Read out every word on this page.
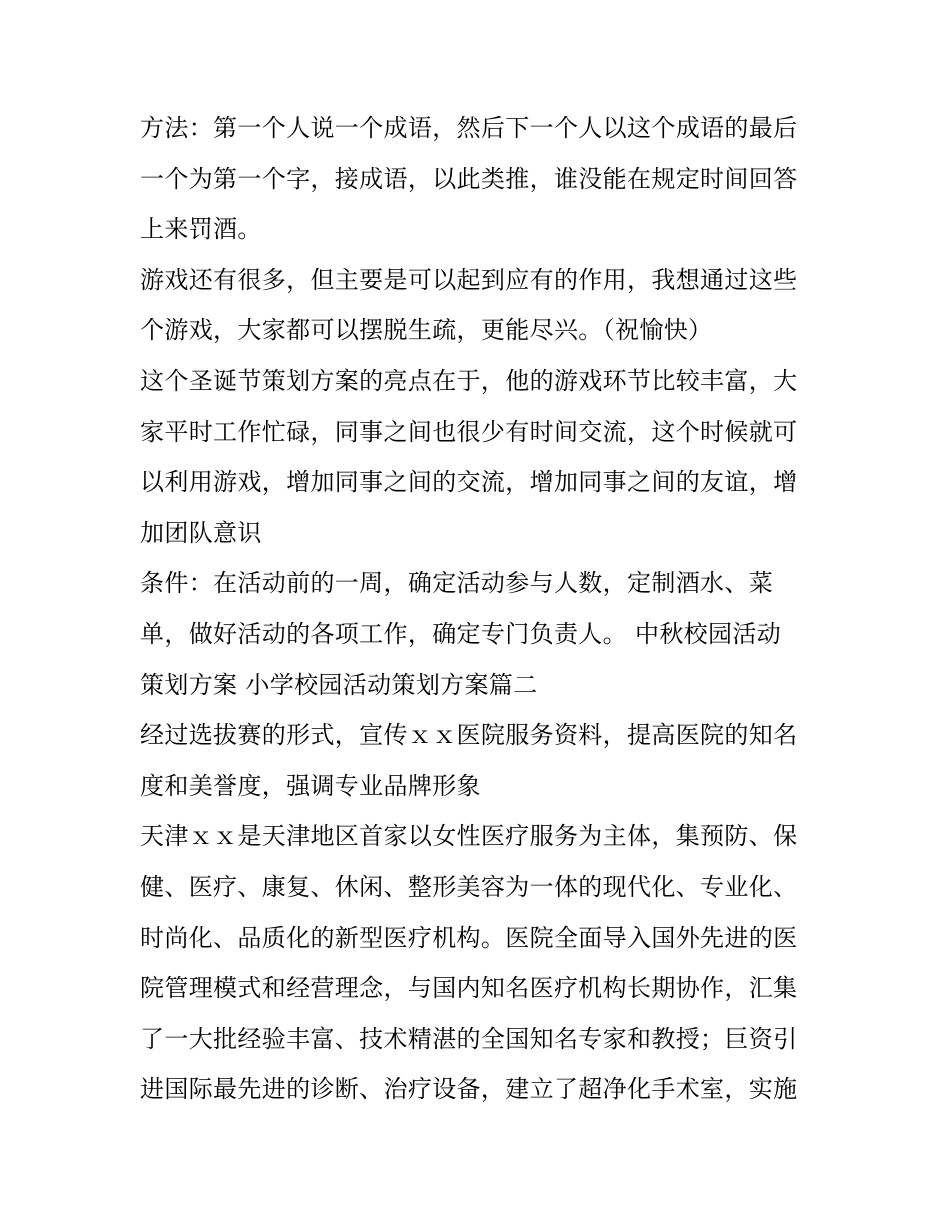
方法：第一个人说一个成语，然后下一个人以这个成语的最后
一个为第一个字，接成语，以此类推，谁没能在规定时间回答
上来罚酒。
游戏还有很多，但主要是可以起到应有的作用，我想通过这些
个游戏，大家都可以摆脱生疏，更能尽兴。（祝愉快）
这个圣诞节策划方案的亮点在于，他的游戏环节比较丰富，大
家平时工作忙碌，同事之间也很少有时间交流，这个时候就可
以利用游戏，增加同事之间的交流，增加同事之间的友谊，增
加团队意识
条件：在活动前的一周，确定活动参与人数，定制酒水、菜
单，做好活动的各项工作，确定专门负责人。 中秋校园活动
策划方案 小学校园活动策划方案篇二
经过选拔赛的形式，宣传ｘｘ医院服务资料，提高医院的知名
度和美誉度，强调专业品牌形象
天津ｘｘ是天津地区首家以女性医疗服务为主体，集预防、保
健、医疗、康复、休闲、整形美容为一体的现代化、专业化、
时尚化、品质化的新型医疗机构。医院全面导入国外先进的医
院管理模式和经营理念，与国内知名医疗机构长期协作，汇集
了一大批经验丰富、技术精湛的全国知名专家和教授；巨资引
进国际最先进的诊断、治疗设备，建立了超净化手术室，实施
